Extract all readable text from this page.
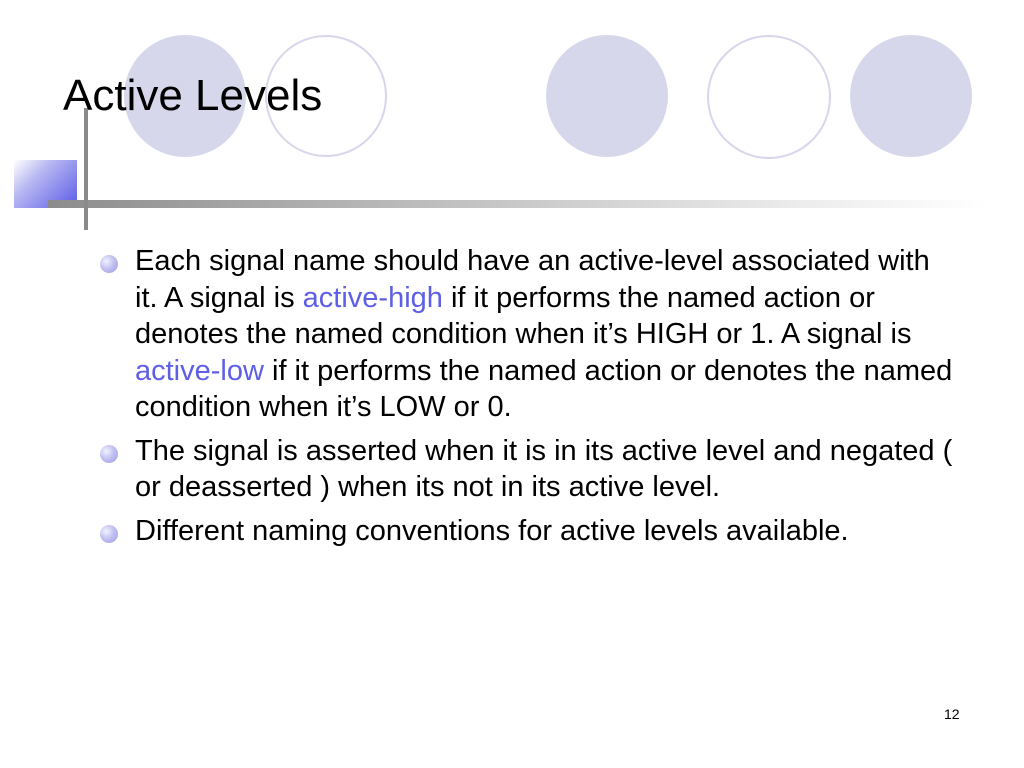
Active Levels
Each signal name should have an active-level associated with it. A signal is active-high if it performs the named action or denotes the named condition when it’s HIGH or 1. A signal is active-low if it performs the named action or denotes the named condition when it’s LOW or 0.
The signal is asserted when it is in its active level and negated ( or deasserted ) when its not in its active level.
Different naming conventions for active levels available.
12
